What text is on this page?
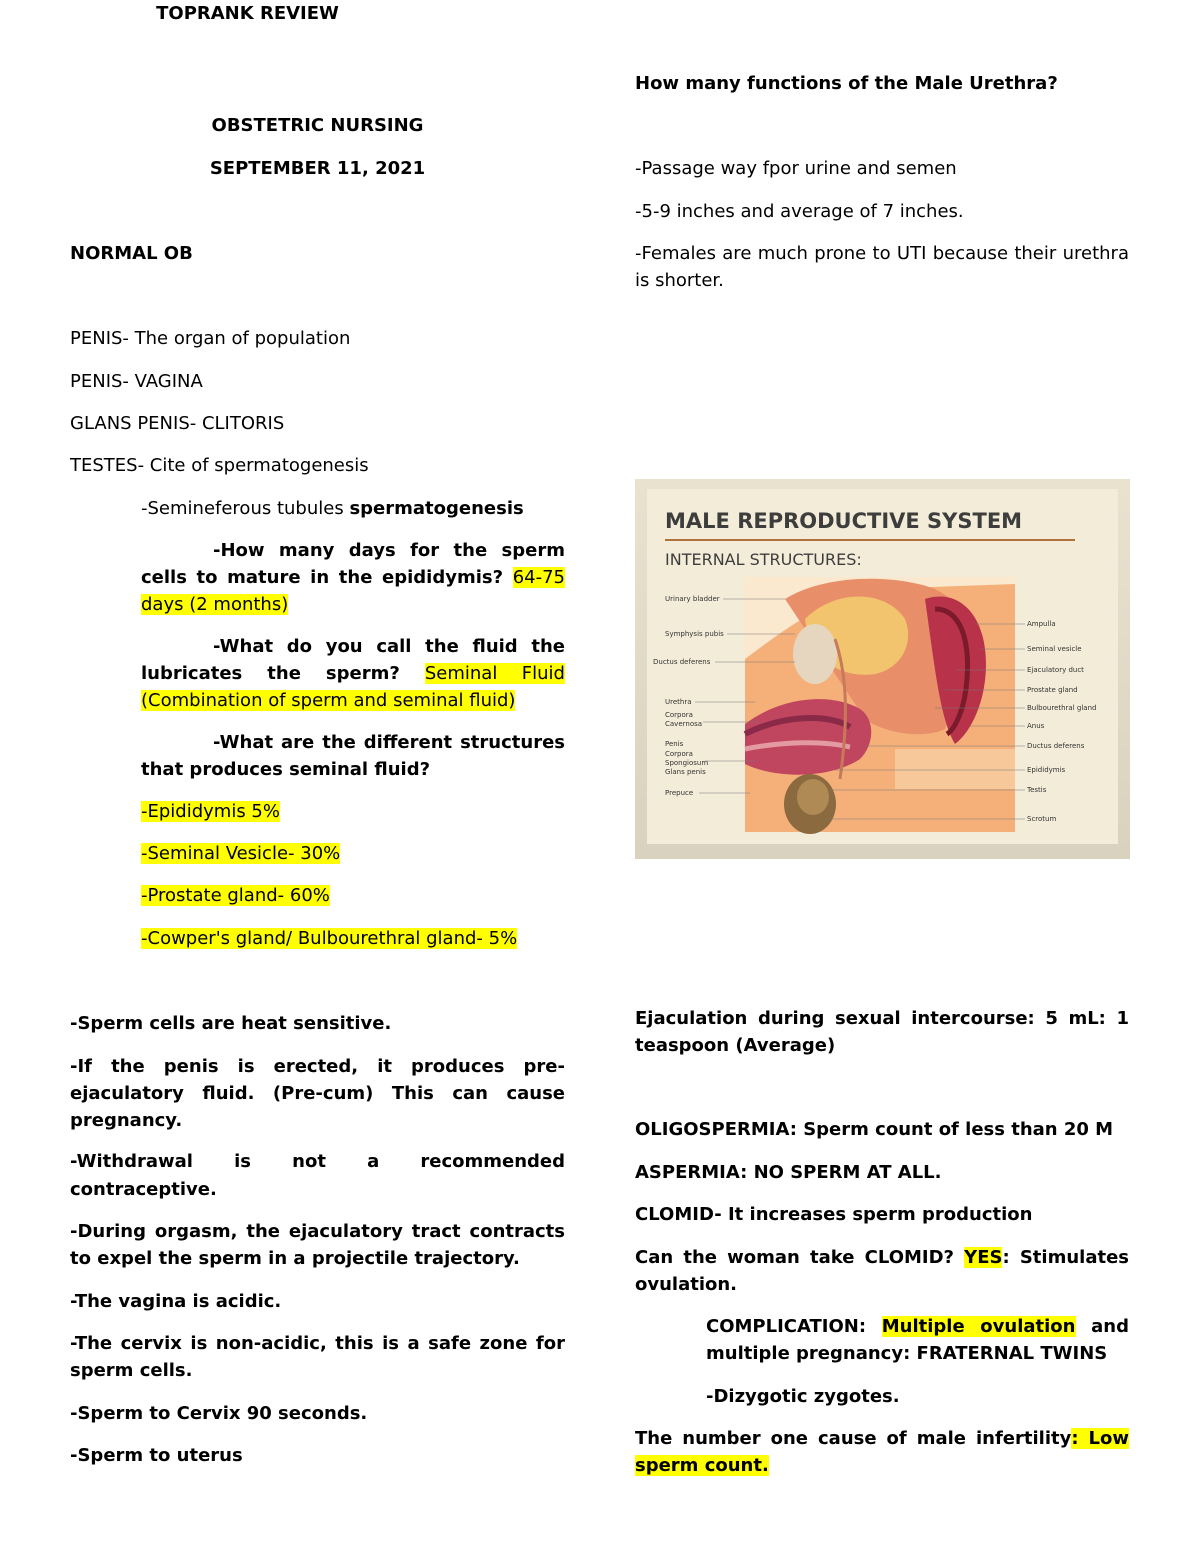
TOPRANK REVIEW

OBSTETRIC NURSING

SEPTEMBER 11, 2021

NORMAL OB

PENIS- The organ of population

PENIS- VAGINA

GLANS PENIS- CLITORIS

TESTES- Cite of spermatogenesis

-Semineferous tubules spermatogenesis

-How many days for the sperm cells to mature in the epididymis? 64-75 days (2 months)

-What do you call the fluid the lubricates the sperm? Seminal Fluid (Combination of sperm and seminal fluid)

-What are the different structures that produces seminal fluid?

-Epididymis 5%

-Seminal Vesicle- 30%

-Prostate gland- 60%

-Cowper's gland/ Bulbourethral gland- 5%

-Sperm cells are heat sensitive.

-If the penis is erected, it produces pre-ejaculatory fluid. (Pre-cum) This can cause pregnancy.

-Withdrawal is not a recommended

contraceptive.

-During orgasm, the ejaculatory tract contracts to expel the sperm in a projectile trajectory.

-The vagina is acidic.

-The cervix is non-acidic, this is a safe zone for sperm cells.

-Sperm to Cervix 90 seconds.

-Sperm to uterus

How many functions of the Male Urethra?

-Passage way fpor urine and semen

-5-9 inches and average of 7 inches.

-Females are much prone to UTI because their urethra is shorter.

MALE REPRODUCTIVE SYSTEM
INTERNAL STRUCTURES:
Urinary bladder
Symphysis pubis
Ductus deferens
Urethra
Corpora
Cavernosa
Penis
Corpora
Spongiosum
Glans penis
Prepuce
Ampulla
Seminal vesicle
Ejaculatory duct
Prostate gland
Bulbourethral gland
Anus
Ductus deferens
Epididymis
Testis
Scrotum

Ejaculation during sexual intercourse: 5 mL: 1 teaspoon (Average)

OLIGOSPERMIA: Sperm count of less than 20 M

ASPERMIA: NO SPERM AT ALL.

CLOMID- It increases sperm production

Can the woman take CLOMID? YES: Stimulates ovulation.

COMPLICATION: Multiple ovulation and multiple pregnancy: FRATERNAL TWINS

-Dizygotic zygotes.

The number one cause of male infertility: Low sperm count.
